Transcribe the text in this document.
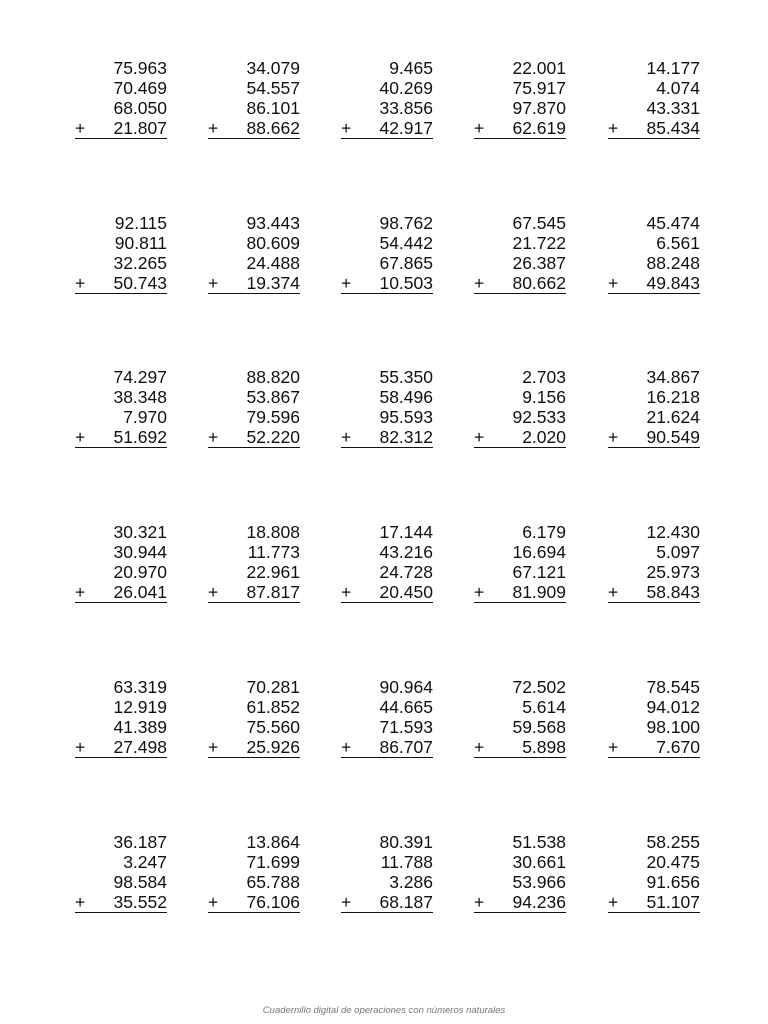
75.963
70.469
68.050
21.807
+
34.079
54.557
86.101
88.662
+
9.465
40.269
33.856
42.917
+
22.001
75.917
97.870
62.619
+
14.177
4.074
43.331
85.434
+
92.115
90.811
32.265
50.743
+
93.443
80.609
24.488
19.374
+
98.762
54.442
67.865
10.503
+
67.545
21.722
26.387
80.662
+
45.474
6.561
88.248
49.843
+
74.297
38.348
7.970
51.692
+
88.820
53.867
79.596
52.220
+
55.350
58.496
95.593
82.312
+
2.703
9.156
92.533
2.020
+
34.867
16.218
21.624
90.549
+
30.321
30.944
20.970
26.041
+
18.808
11.773
22.961
87.817
+
17.144
43.216
24.728
20.450
+
6.179
16.694
67.121
81.909
+
12.430
5.097
25.973
58.843
+
63.319
12.919
41.389
27.498
+
70.281
61.852
75.560
25.926
+
90.964
44.665
71.593
86.707
+
72.502
5.614
59.568
5.898
+
78.545
94.012
98.100
7.670
+
36.187
3.247
98.584
35.552
+
13.864
71.699
65.788
76.106
+
80.391
11.788
3.286
68.187
+
51.538
30.661
53.966
94.236
+
58.255
20.475
91.656
51.107
+
Cuadernillo digital de operaciones con números naturales
